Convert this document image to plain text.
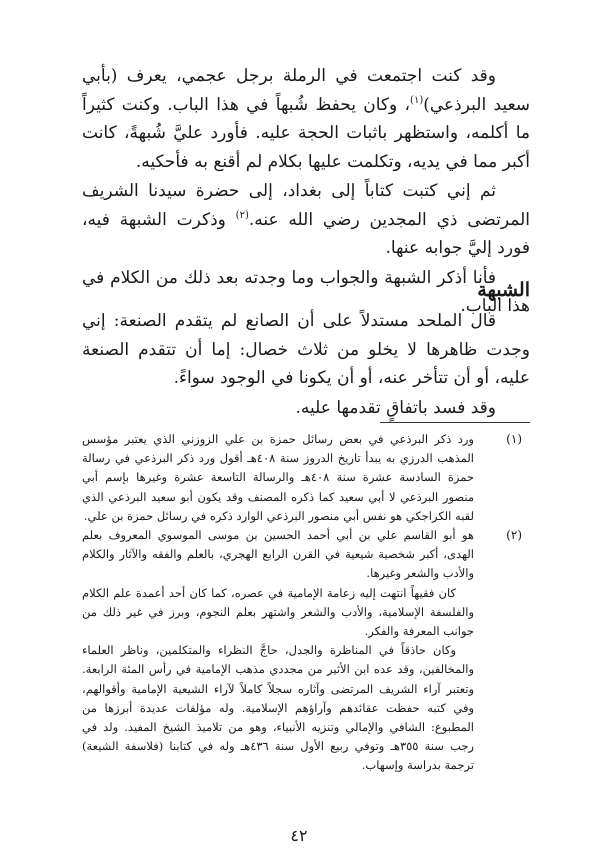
وقد كنت اجتمعت في الرملة برجل عجمي، يعرف (بأبي سعيد البرذعي)$^{(١)}$، وكان يحفظ شُبهاً في هذا الباب. وكنت كثيراً ما أكلمه، واستظهر باثبات الحجة عليه. فأورد عليَّ شُبهةً، كانت أكبر مما في يديه، وتكلمت عليها بكلام لم أقنع به فأحكيه.

ثم إني كتبت كتاباً إلى بغداد، إلى حضرة سيدنا الشريف المرتضى ذي المجدين رضي الله عنه.$^{(٢)}$ وذكرت الشبهة فيه، فورد إليَّ جوابه عنها.

فأنا أذكر الشبهة والجواب وما وجدته بعد ذلك من الكلام في هذا الباب.

الشبهة

قال الملحد مستدلاً على أن الصانع لم يتقدم الصنعة: إني وجدت ظاهرها لا يخلو من ثلاث خصال: إما أن تتقدم الصنعة عليه، أو أن تتأخر عنه، أو أن يكونا في الوجود سواءً.

وقد فسد باتفاقٍ تقدمها عليه.

(١)

ورد ذكر البرذعي في بعض رسائل حمزة بن علي الزوزني الذي يعتبر مؤسس المذهب الدرزي به يبدأ تاريخ الدروز سنة ٤٠٨هـ أقول ورد ذكر البرذعي في رسالة حمزة السادسة عشرة سنة ٤٠٨هـ والرسالة التاسعة عشرة وغيرها بإسم أبي منصور البرذعي لا أبي سعيد كما ذكره المصنف وقد يكون أبو سعيد البرذعي الذي لقبه الكراجكي هو نفس أبي منصور البرذعي الوارد ذكره في رسائل حمزة بن علي.

(٢)

هو أبو القاسم علي بن أبي أحمد الحسين بن موسى الموسوي المعروف بعلم الهدى، أكبر شخصية شيعية في القرن الرابع الهجري، بالعلم والفقه والآثار والكلام والأدب والشعر وغيرها.

كان فقيهاً انتهت إليه زعامة الإمامية في عصره، كما كان أحد أعمدة علم الكلام والفلسفة الإسلامية، والأدب والشعر واشتهر بعلم النجوم، وبرز في غير ذلك من جوانب المعرفة والفكر.

وكان حاذقاً في المناظرة والجدل، حاجَّ النظراء والمتكلمين، وناظر العلماء والمخالفين، وقد عده ابن الأثير من مجددي مذهب الإمامية في رأس المئة الرابعة. وتعتبر آراء الشريف المرتضى وآثاره سجلاً كاملاً لآراء الشيعية الإمامية وأقوالهم، وفي كتبه حفظت عقائدهم وآراؤهم الإسلامية. وله مؤلفات عديدة أبرزها من المطبوع: الشافي والإمالي وتنزيه الأنبياء، وهو من تلاميذ الشيخ المفيد. ولد في رجب سنة ٣٥٥هـ وتوفي ربيع الأول سنة ٤٣٦هـ وله في كتابنا (فلاسفة الشيعة) ترجمة بدراسة وإسهاب.

٤٢
